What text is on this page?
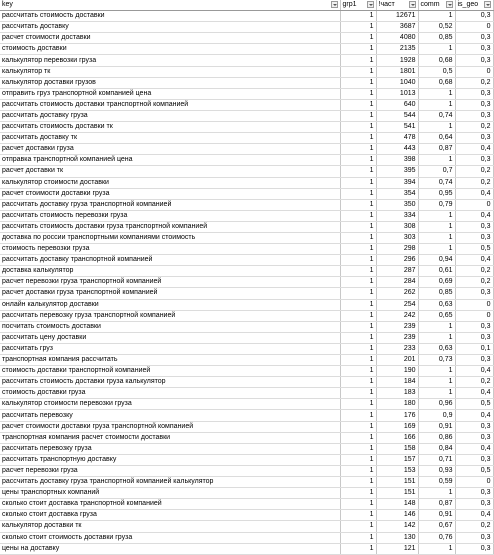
key	grp1	!част	comm	is_geo

рассчитать стоимость доставки	1	12671	1	0,3
рассчитать доставку	1	3687	0,52	0
расчет стоимости доставки	1	4080	0,85	0,3
стоимость доставки	1	2135	1	0,3
калькулятор перевозки груза	1	1928	0,68	0,3
калькулятор тк	1	1801	0,5	0
калькулятор доставки грузов	1	1040	0,68	0,2
отправить груз транспортной компанией цена	1	1013	1	0,3
рассчитать стоимость доставки транспортной компанией	1	640	1	0,3
рассчитать доставку груза	1	544	0,74	0,3
рассчитать стоимость доставки тк	1	541	1	0,2
рассчитать доставку тк	1	478	0,64	0,3
расчет доставки груза	1	443	0,87	0,4
отправка транспортной компанией цена	1	398	1	0,3
расчет доставки тк	1	395	0,7	0,2
калькулятор стоимости доставки	1	394	0,74	0,2
расчет стоимости доставки груза	1	354	0,95	0,4
рассчитать доставку груза транспортной компанией	1	350	0,79	0
рассчитать стоимость перевозки груза	1	334	1	0,4
рассчитать стоимость доставки груза транспортной компанией	1	308	1	0,3
доставка по россии транспортными компаниями стоимость	1	303	1	0,3
стоимость перевозки груза	1	298	1	0,5
рассчитать доставку транспортной компанией	1	296	0,94	0,4
доставка калькулятор	1	287	0,61	0,2
расчет перевозки груза транспортной компанией	1	284	0,69	0,2
расчет доставки груза транспортной компанией	1	262	0,85	0,3
онлайн калькулятор доставки	1	254	0,63	0
рассчитать перевозку груза транспортной компанией	1	242	0,65	0
посчитать стоимость доставки	1	239	1	0,3
рассчитать цену доставки	1	239	1	0,3
рассчитать груз	1	233	0,63	0,1
транспортная компания рассчитать	1	201	0,73	0,3
стоимость доставки транспортной компанией	1	190	1	0,4
рассчитать стоимость доставки груза калькулятор	1	184	1	0,2
стоимость доставки груза	1	183	1	0,4
калькулятор стоимости перевозки груза	1	180	0,96	0,5
рассчитать перевозку	1	176	0,9	0,4
расчет стоимости доставки груза транспортной компанией	1	169	0,91	0,3
транспортная компания расчет стоимости доставки	1	166	0,86	0,3
рассчитать перевозку груза	1	158	0,84	0,4
рассчитать транспортную доставку	1	157	0,71	0,3
расчет перевозки груза	1	153	0,93	0,5
рассчитать доставку груза транспортной компанией калькулятор	1	151	0,59	0
цены транспортных компаний	1	151	1	0,3
сколько стоит доставка транспортной компанией	1	148	0,87	0,3
сколько стоит доставка груза	1	146	0,91	0,4
калькулятор доставки тк	1	142	0,67	0,2
сколько стоит стоимость доставки груза	1	130	0,76	0,3
цены на доставку	1	121	1	0,3
